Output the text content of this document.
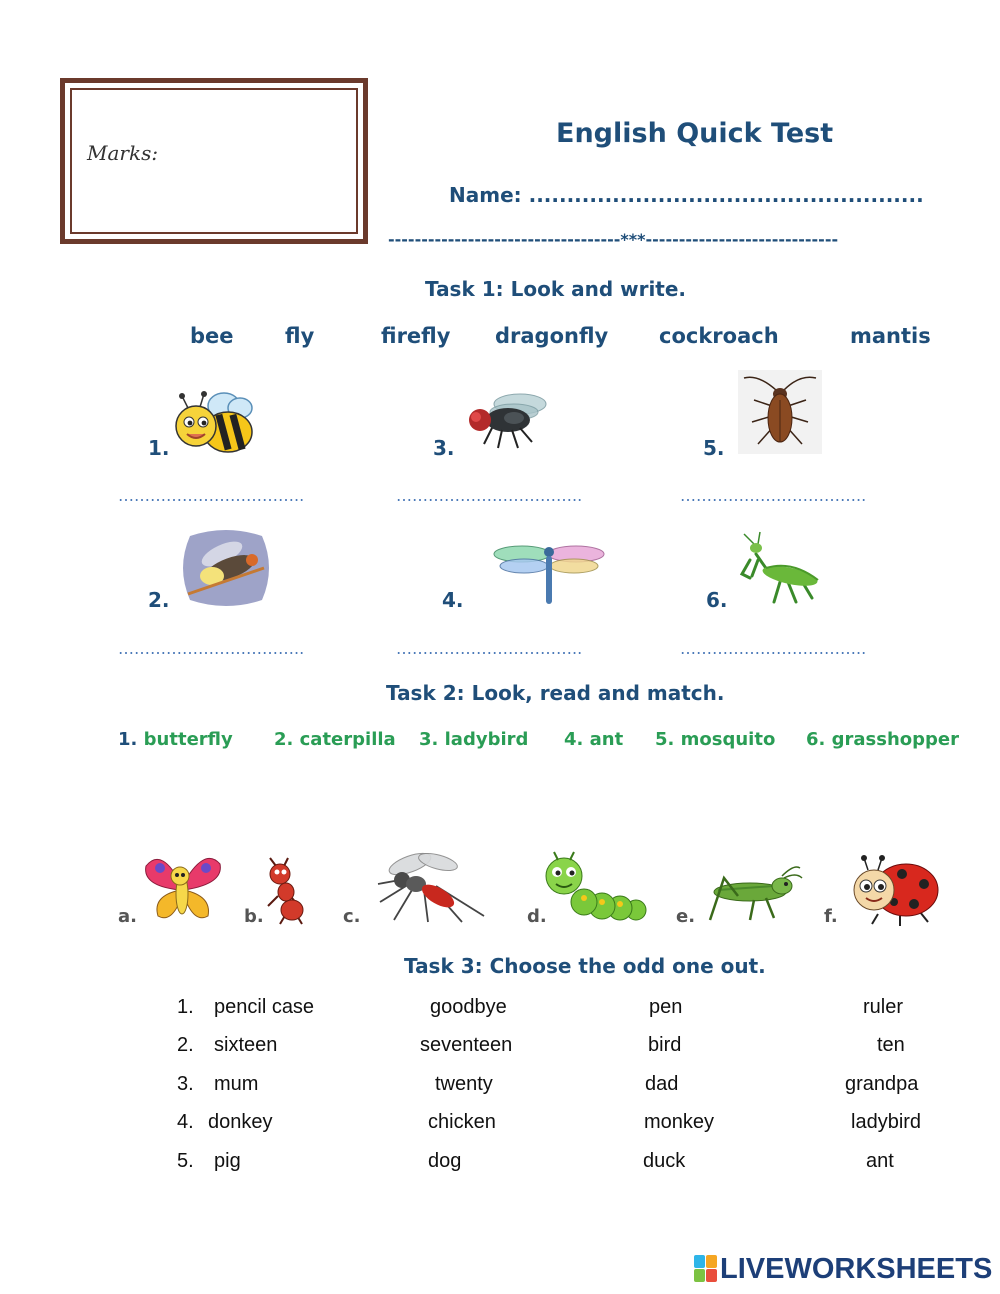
Marks:
English Quick Test
Name: ....................................................
-----------------------------------***-----------------------------
Task 1: Look and write.
bee fly	firefly dragonfly cockroach	mantis
1.
……………………………..
3.
……………………………..
5.
……………………………..
2.
……………………………..
4.
……………………………..
6.
……………………………..
Task 2: Look, read and match.
1. butterfly 2. caterpilla 3. ladybird 4. ant 5. mosquito 6. grasshopper
a.	b.	c.	d.	e.	f.
Task 3: Choose the odd one out.
1. pencil case	goodbye	pen	ruler
2. sixteen	seventeen	bird	ten
3. mum	twenty	dad	grandpa
4. donkey	chicken	monkey	ladybird
5. pig	dog	duck	ant
LIVEWORKSHEETS
